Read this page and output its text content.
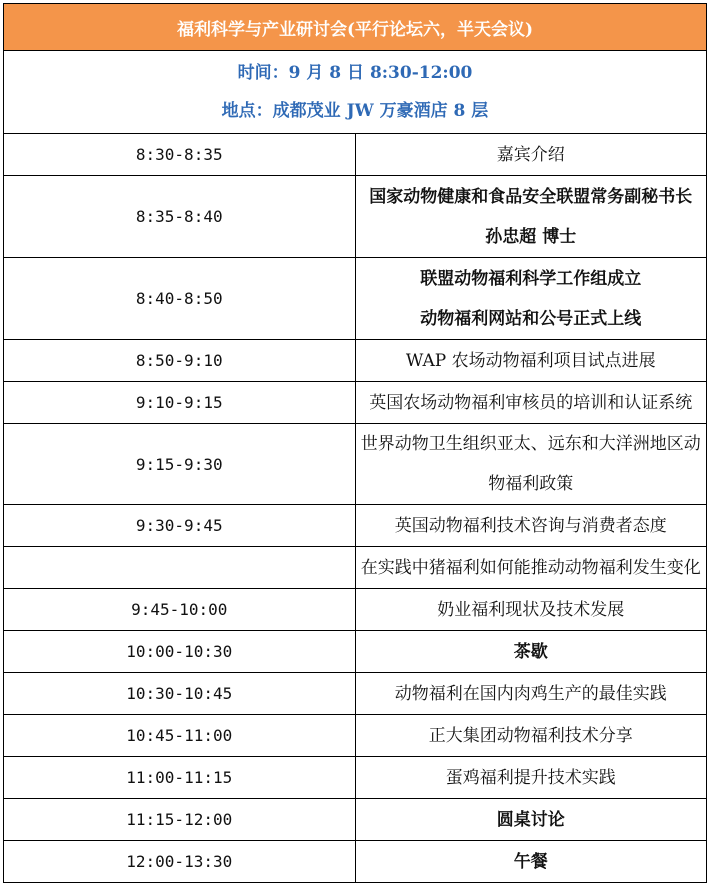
福利科学与产业研讨会(平行论坛六，半天会议)	

时间：9 月 8 日 8:30-12:00
地点：成都茂业 JW 万豪酒店 8 层	

8:30-8:35	嘉宾介绍

8:35-8:40	国家动物健康和食品安全联盟常务副秘书长
孙忠超 博士

8:40-8:50	联盟动物福利科学工作组成立
动物福利网站和公号正式上线

8:50-9:10	WAP 农场动物福利项目试点进展

9:10-9:15	英国农场动物福利审核员的培训和认证系统

9:15-9:30	世界动物卫生组织亚太、远东和大洋洲地区动物福利政策

9:30-9:45	英国动物福利技术咨询与消费者态度

	在实践中猪福利如何能推动动物福利发生变化

9:45-10:00	奶业福利现状及技术发展

10:00-10:30	茶歇

10:30-10:45	动物福利在国内肉鸡生产的最佳实践

10:45-11:00	正大集团动物福利技术分享

11:00-11:15	蛋鸡福利提升技术实践

11:15-12:00	圆桌讨论

12:00-13:30	午餐
